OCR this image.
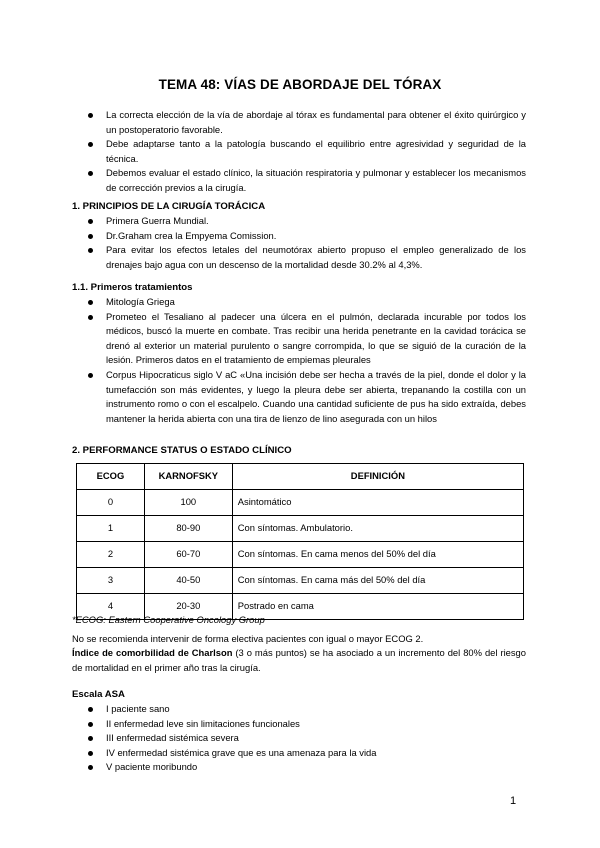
TEMA 48: VÍAS DE ABORDAJE DEL TÓRAX
La correcta elección de la vía de abordaje al tórax es fundamental para obtener el éxito quirúrgico y un postoperatorio favorable.
Debe adaptarse tanto a la patología buscando el equilibrio entre agresividad y seguridad de la técnica.
Debemos evaluar el estado clínico, la situación respiratoria y pulmonar y establecer los mecanismos de corrección previos a la cirugía.
1. PRINCIPIOS DE LA CIRUGÍA TORÁCICA
Primera Guerra Mundial.
Dr.Graham crea la Empyema Comission.
Para evitar los efectos letales del neumotórax abierto propuso el empleo generalizado de los drenajes bajo agua con un descenso de la mortalidad desde 30.2% al 4,3%.
1.1. Primeros tratamientos
Mitología Griega
Prometeo el Tesaliano al padecer una úlcera en el pulmón, declarada incurable por todos los médicos, buscó la muerte en combate. Tras recibir una herida penetrante en la cavidad torácica se drenó al exterior un material purulento o sangre corrompida, lo que se siguió de la curación de la lesión. Primeros datos en el tratamiento de empiemas pleurales
Corpus Hipocraticus siglo V aC «Una incisión debe ser hecha a través de la piel, donde el dolor y la tumefacción son más evidentes, y luego la pleura debe ser abierta, trepanando la costilla con un instrumento romo o con el escalpelo. Cuando una cantidad suficiente de pus ha sido extraída, debes mantener la herida abierta con una tira de lienzo de lino asegurada con un hilos
2. PERFORMANCE STATUS O ESTADO CLÍNICO
ECOG	KARNOFSKY	DEFINICIÓN
0	100	Asintomático
1	80-90	Con síntomas. Ambulatorio.
2	60-70	Con síntomas. En cama menos del 50% del día
3	40-50	Con síntomas. En cama más del 50% del día
4	20-30	Postrado en cama
*ECOG: Eastern Cooperative Oncology Group
No se recomienda intervenir de forma electiva pacientes con igual o mayor ECOG 2.
Índice de comorbilidad de Charlson (3 o más puntos) se ha asociado a un incremento del 80% del riesgo de mortalidad en el primer año tras la cirugía.
Escala ASA
I paciente sano
II enfermedad leve sin limitaciones funcionales
III enfermedad sistémica severa
IV enfermedad sistémica grave que es una amenaza para la vida
V paciente moribundo
1
